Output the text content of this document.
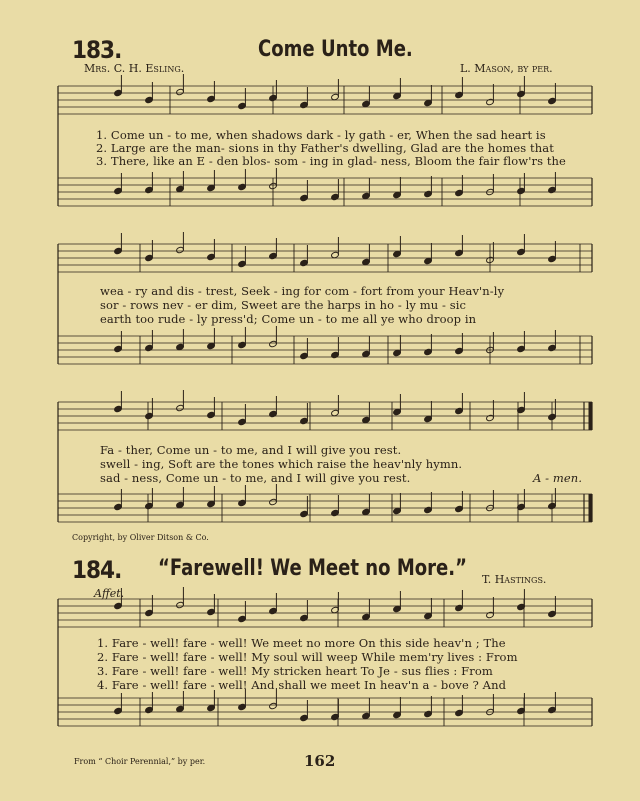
183.	Come Unto Me.
Mrs. C. H. Esling.	L. Mason, by per.
1. Come un - to me, when shadows dark - ly gath - er, When the sad heart is
2. Large are the man- sions in thy Father's dwelling, Glad are the homes that
3. There, like an E - den blos- som - ing in glad- ness, Bloom the fair flow'rs the
wea - ry and dis - trest, Seek - ing for com - fort from your Heav'n-ly
sor - rows nev - er dim, Sweet are the harps in ho - ly mu - sic
earth too rude - ly press'd; Come un - to me all ye who droop in
Fa - ther, Come un - to me, and I will give you rest.
swell - ing, Soft are the tones which raise the heav'nly hymn.
sad - ness, Come un - to me, and I will give you rest.	A - men.
Copyright, by Oliver Ditson & Co.
184. “Farewell! We Meet no More.” T. Hastings.
Affet.
1. Fare - well! fare - well! We meet no more On this side heav'n ; The
2. Fare - well! fare - well! My soul will weep While mem'ry lives : From
3. Fare - well! fare - well! My stricken heart To Je - sus flies : From
4. Fare - well! fare - well! And shall we meet In heav'n a - bove ? And
From “ Choir Perennial,” by per.	162
